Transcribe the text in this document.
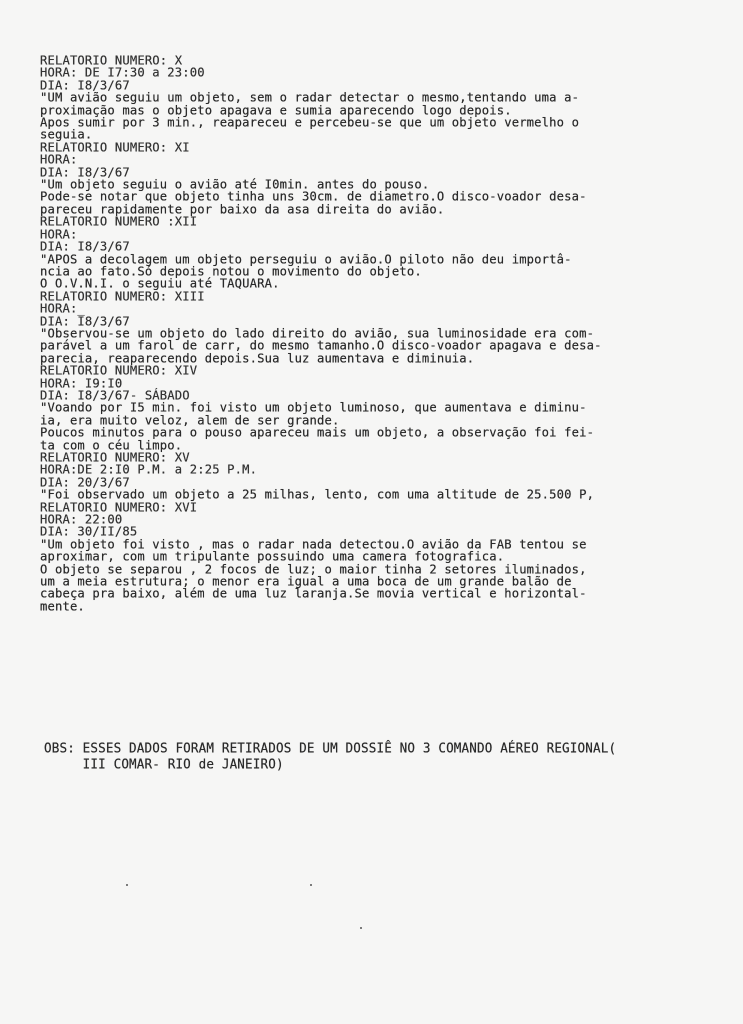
RELATORIO NUMERO: X
HORA: DE I7:30 a 23:00
DIA: I8/3/67
"UM avião seguiu um objeto, sem o radar detectar o mesmo,tentando uma a-
proximação mas o objeto apagava e sumia aparecendo logo depois.
Apos sumir por 3 min., reapareceu e percebeu-se que um objeto vermelho o
seguia.
RELATORIO NUMERO: XI
HORA:
DIA: I8/3/67
"Um objeto seguiu o avião até I0min. antes do pouso.
Pode-se notar que objeto tinha uns 30cm. de diametro.O disco-voador desa-
pareceu rapidamente por baixo da asa direita do avião.
RELATORIO NUMERO :XII
HORA:
DIA: I8/3/67
"APOS a decolagem um objeto perseguiu o avião.O piloto não deu importâ-
ncia ao fato.Só depois notou o movimento do objeto.
O O.V.N.I. o seguiu até TAQUARA.
RELATORIO NUMERO: XIII
HORA:_
DIA: I8/3/67
"Observou-se um objeto do lado direito do avião, sua luminosidade era com-
parável a um farol de carr, do mesmo tamanho.O disco-voador apagava e desa-
parecia, reaparecendo depois.Sua luz aumentava e diminuia.
RELATORIO NUMERO: XIV
HORA: I9:I0
DIA: I8/3/67- SÁBADO
"Voando por I5 min. foi visto um objeto luminoso, que aumentava e diminu-
ia, era muito veloz, alem de ser grande.
Poucos minutos para o pouso apareceu mais um objeto, a observação foi fei-
ta com o céu limpo.
RELATORIO NUMERO: XV
HORA:DE 2:I0 P.M. a 2:25 P.M.
DIA: 20/3/67
"Foi observado um objeto a 25 milhas, lento, com uma altitude de 25.500 P,
RELATORIO NUMERO: XVI
HORA: 22:00
DIA: 30/II/85
"Um objeto foi visto , mas o radar nada detectou.O avião da FAB tentou se
aproximar, com um tripulante possuindo uma camera fotografica.
O objeto se separou , 2 focos de luz; o maior tinha 2 setores iluminados,
um a meia estrutura; o menor era igual a uma boca de um grande balão de
cabeça pra baixo, além de uma luz laranja.Se movia vertical e horizontal-
mente.
OBS: ESSES DADOS FORAM RETIRADOS DE UM DOSSIÊ NO 3 COMANDO AÉREO REGIONAL(
III COMAR- RIO de JANEIRO)
